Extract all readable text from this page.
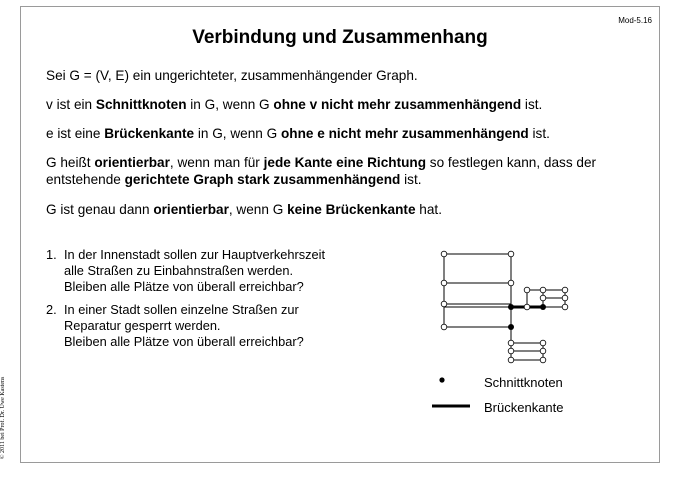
Mod-5.16
Verbindung und Zusammenhang

Sei G = (V, E) ein ungerichteter, zusammenhängender Graph.

v ist ein Schnittknoten in G, wenn G ohne v nicht mehr zusammenhängend ist.

e ist eine Brückenkante in G, wenn G ohne e nicht mehr zusammenhängend ist.

G heißt orientierbar, wenn man für jede Kante eine Richtung so festlegen kann, dass der
entstehende gerichtete Graph stark zusammenhängend ist.

G ist genau dann orientierbar, wenn G keine Brückenkante hat.

1. In der Innenstadt sollen zur Hauptverkehrszeit
alle Straßen zu Einbahnstraßen werden.
Bleiben alle Plätze von überall erreichbar?
2. In einer Stadt sollen einzelne Straßen zur
Reparatur gesperrt werden.
Bleiben alle Plätze von überall erreichbar?
Schnittknoten
Brückenkante
© 2011 bei Prof. Dr. Uwe Kastens
